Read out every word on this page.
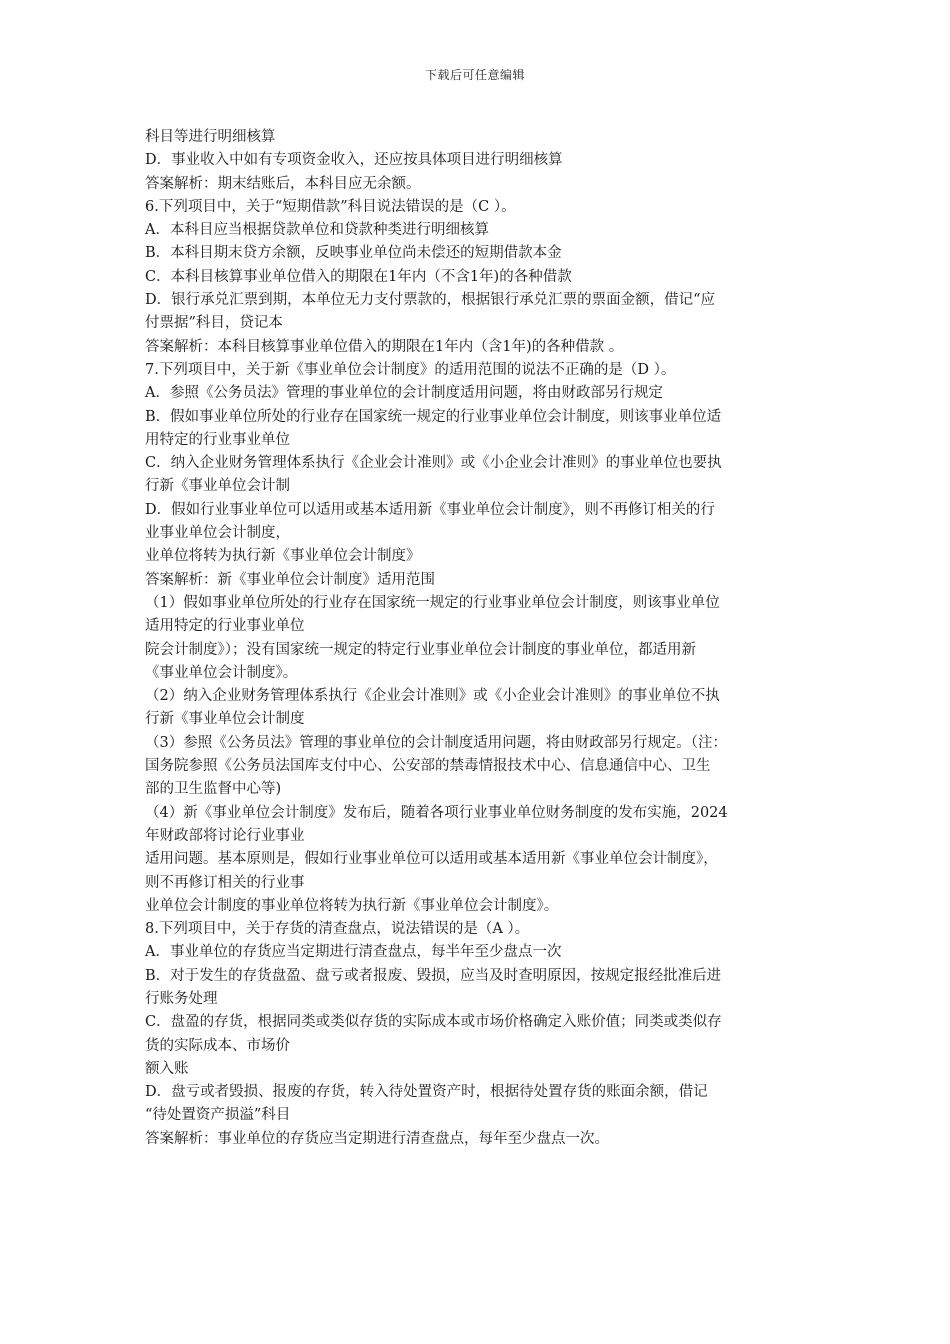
下载后可任意编辑
科目等进行明细核算
D．事业收入中如有专项资金收入，还应按具体项目进行明细核算
答案解析：期末结账后，本科目应无余额。
6.下列项目中，关于“短期借款”科目说法错误的是（C ）。
A．本科目应当根据贷款单位和贷款种类进行明细核算
B．本科目期末贷方余额，反映事业单位尚未偿还的短期借款本金
C．本科目核算事业单位借入的期限在1年内（不含1年)的各种借款
D．银行承兑汇票到期，本单位无力支付票款的，根据银行承兑汇票的票面金额，借记“应
付票据”科目，贷记本
答案解析：本科目核算事业单位借入的期限在1年内（含1年)的各种借款 。
7.下列项目中，关于新《事业单位会计制度》的适用范围的说法不正确的是（D ）。
A．参照《公务员法》管理的事业单位的会计制度适用问题，将由财政部另行规定
B．假如事业单位所处的行业存在国家统一规定的行业事业单位会计制度，则该事业单位适
用特定的行业事业单位
C．纳入企业财务管理体系执行《企业会计准则》或《小企业会计准则》的事业单位也要执
行新《事业单位会计制
D．假如行业事业单位可以适用或基本适用新《事业单位会计制度》，则不再修订相关的行
业事业单位会计制度，
业单位将转为执行新《事业单位会计制度》
答案解析：新《事业单位会计制度》适用范围
（1）假如事业单位所处的行业存在国家统一规定的行业事业单位会计制度，则该事业单位
适用特定的行业事业单位
院会计制度》）；没有国家统一规定的特定行业事业单位会计制度的事业单位，都适用新
《事业单位会计制度》。
（2）纳入企业财务管理体系执行《企业会计准则》或《小企业会计准则》的事业单位不执
行新《事业单位会计制度
（3）参照《公务员法》管理的事业单位的会计制度适用问题，将由财政部另行规定。（注：
国务院参照《公务员法国库支付中心、公安部的禁毒情报技术中心、信息通信中心、卫生
部的卫生监督中心等)
（4）新《事业单位会计制度》发布后，随着各项行业事业单位财务制度的发布实施，2024
年财政部将讨论行业事业
适用问题。基本原则是，假如行业事业单位可以适用或基本适用新《事业单位会计制度》，
则不再修订相关的行业事
业单位会计制度的事业单位将转为执行新《事业单位会计制度》。
8.下列项目中，关于存货的清查盘点，说法错误的是（A ）。
A．事业单位的存货应当定期进行清查盘点，每半年至少盘点一次
B．对于发生的存货盘盈、盘亏或者报废、毁损，应当及时查明原因，按规定报经批准后进
行账务处理
C．盘盈的存货，根据同类或类似存货的实际成本或市场价格确定入账价值；同类或类似存
货的实际成本、市场价
额入账
D．盘亏或者毁损、报废的存货，转入待处置资产时，根据待处置存货的账面余额，借记
“待处置资产损溢”科目
答案解析：事业单位的存货应当定期进行清查盘点，每年至少盘点一次。
